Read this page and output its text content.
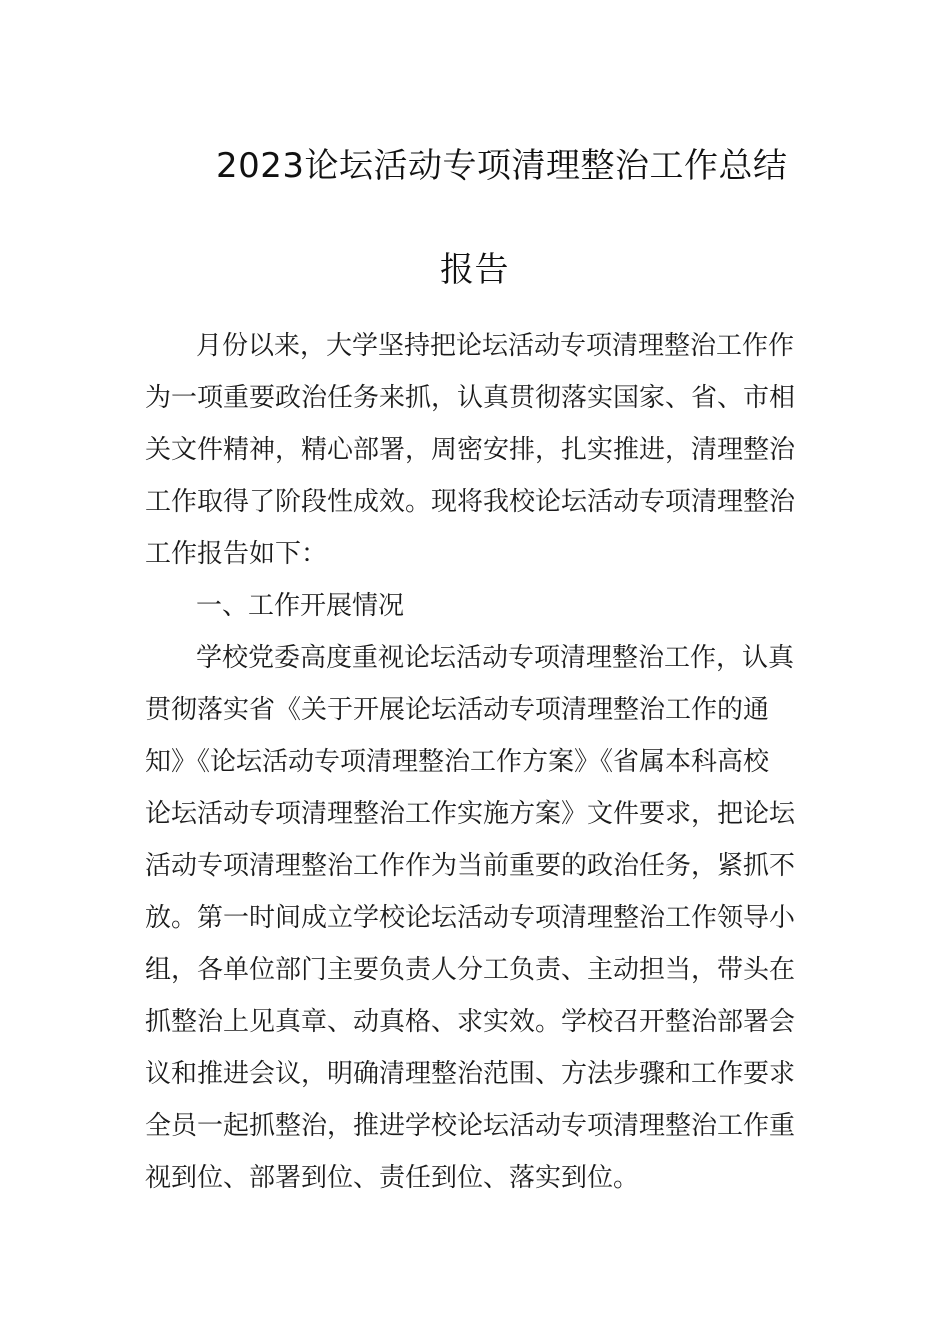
2023论坛活动专项清理整治工作总结
报告
月份以来，大学坚持把论坛活动专项清理整治工作作
为一项重要政治任务来抓，认真贯彻落实国家、省、市相
关文件精神，精心部署，周密安排，扎实推进，清理整治
工作取得了阶段性成效。现将我校论坛活动专项清理整治
工作报告如下：
一、工作开展情况
学校党委高度重视论坛活动专项清理整治工作，认真
贯彻落实省《关于开展论坛活动专项清理整治工作的通
知》《论坛活动专项清理整治工作方案》《省属本科高校
论坛活动专项清理整治工作实施方案》文件要求，把论坛
活动专项清理整治工作作为当前重要的政治任务，紧抓不
放。第一时间成立学校论坛活动专项清理整治工作领导小
组，各单位部门主要负责人分工负责、主动担当，带头在
抓整治上见真章、动真格、求实效。学校召开整治部署会
议和推进会议，明确清理整治范围、方法步骤和工作要求
全员一起抓整治，推进学校论坛活动专项清理整治工作重
视到位、部署到位、责任到位、落实到位。
